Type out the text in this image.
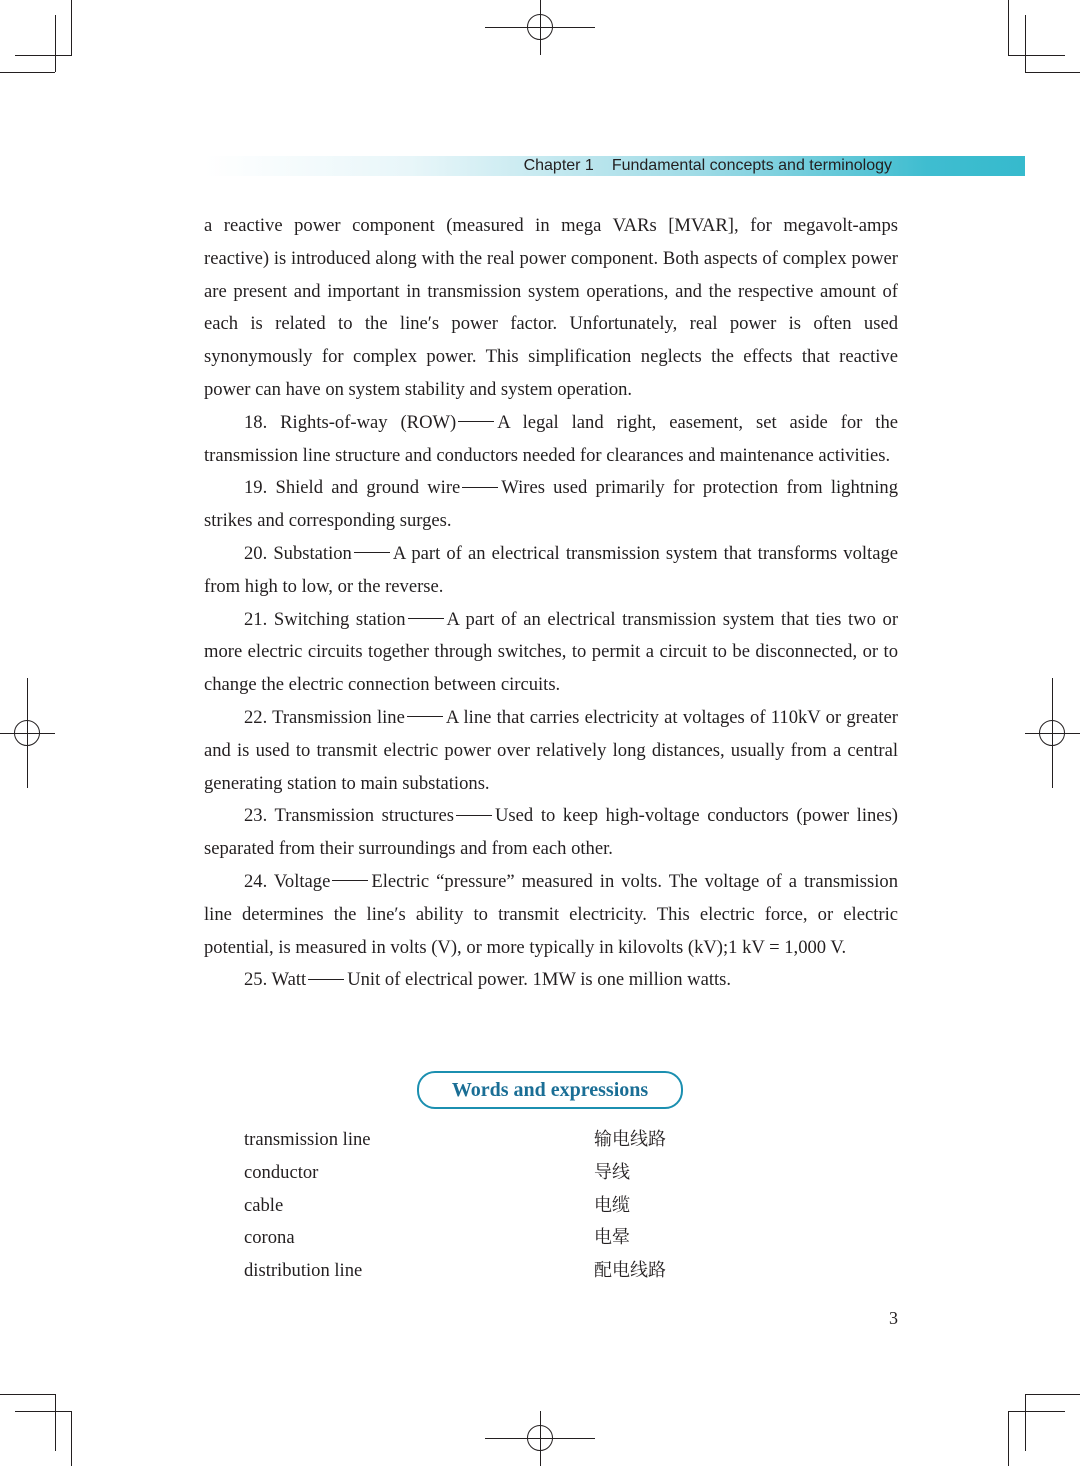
Chapter 1 Fundamental concepts and terminology

a reactive power component (measured in mega VARs [MVAR], for megavolt-amps reactive) is introduced along with the real power component. Both aspects of complex power are present and important in transmission system operations, and the respective amount of each is related to the line′s power factor. Unfortunately, real power is often used synonymously for complex power. This simplification neglects the effects that reactive power can have on system stability and system operation.

18. Rights-of-way (ROW) A legal land right, easement, set aside for the transmission line structure and conductors needed for clearances and maintenance activities.

19. Shield and ground wire Wires used primarily for protection from lightning strikes and corresponding surges.

20. Substation A part of an electrical transmission system that transforms voltage from high to low, or the reverse.

21. Switching station A part of an electrical transmission system that ties two or more electric circuits together through switches, to permit a circuit to be disconnected, or to change the electric connection between circuits.

22. Transmission line A line that carries electricity at voltages of 110kV or greater and is used to transmit electric power over relatively long distances, usually from a central generating station to main substations.

23. Transmission structures Used to keep high-voltage conductors (power lines) separated from their surroundings and from each other.

24. Voltage Electric “pressure” measured in volts. The voltage of a transmission line determines the line′s ability to transmit electricity. This electric force, or electric potential, is measured in volts (V), or more typically in kilovolts (kV);1 kV = 1,000 V.

25. Watt Unit of electrical power. 1MW is one million watts.

Words and expressions
transmission line	输电线路
conductor	导线
cable	电缆
corona	电晕
distribution line	配电线路
3
